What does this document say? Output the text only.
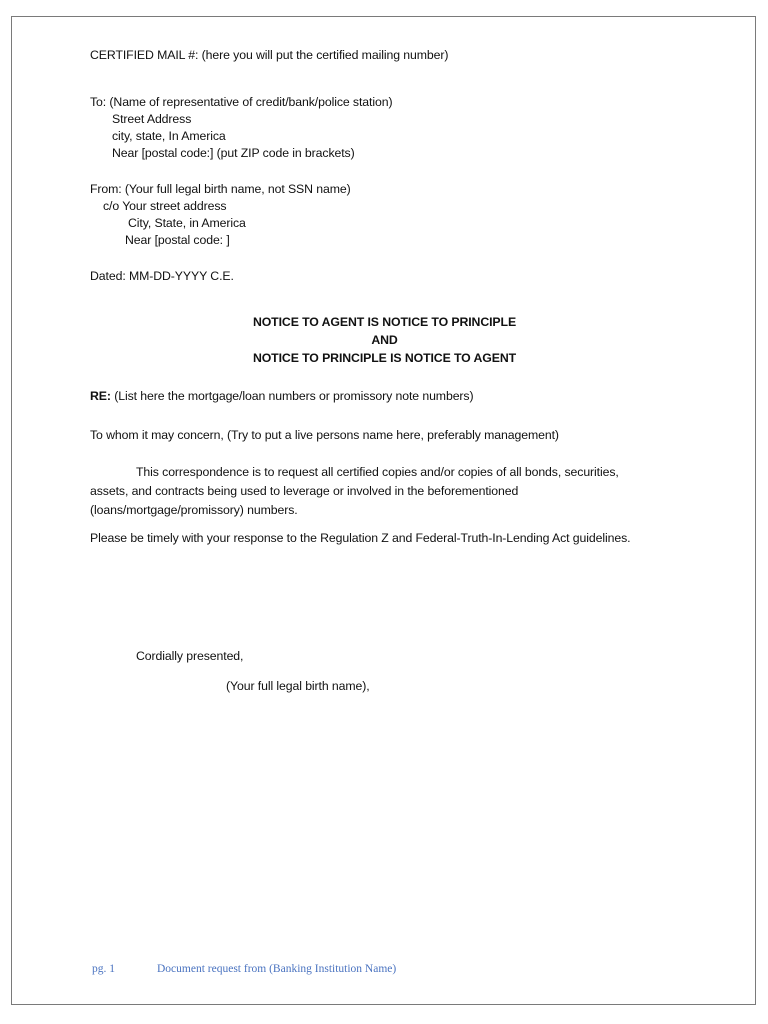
CERTIFIED MAIL #: (here you will put the certified mailing number)
To: (Name of representative of credit/bank/police station)
Street Address
city, state, In America
Near [postal code:] (put ZIP code in brackets)
From: (Your full legal birth name, not SSN name)
c/o Your street address
City, State, in America
Near [postal code: ]
Dated: MM-DD-YYYY C.E.
NOTICE TO AGENT IS NOTICE TO PRINCIPLE
AND
NOTICE TO PRINCIPLE IS NOTICE TO AGENT
RE: (List here the mortgage/loan numbers or promissory note numbers)
To whom it may concern, (Try to put a live persons name here, preferably management)
This correspondence is to request all certified copies and/or copies of all bonds, securities,
assets, and contracts being used to leverage or involved in the beforementioned
(loans/mortgage/promissory) numbers.
Please be timely with your response to the Regulation Z and Federal-Truth-In-Lending Act guidelines.
Cordially presented,
(Your full legal birth name),
pg. 1	Document request from (Banking Institution Name)
